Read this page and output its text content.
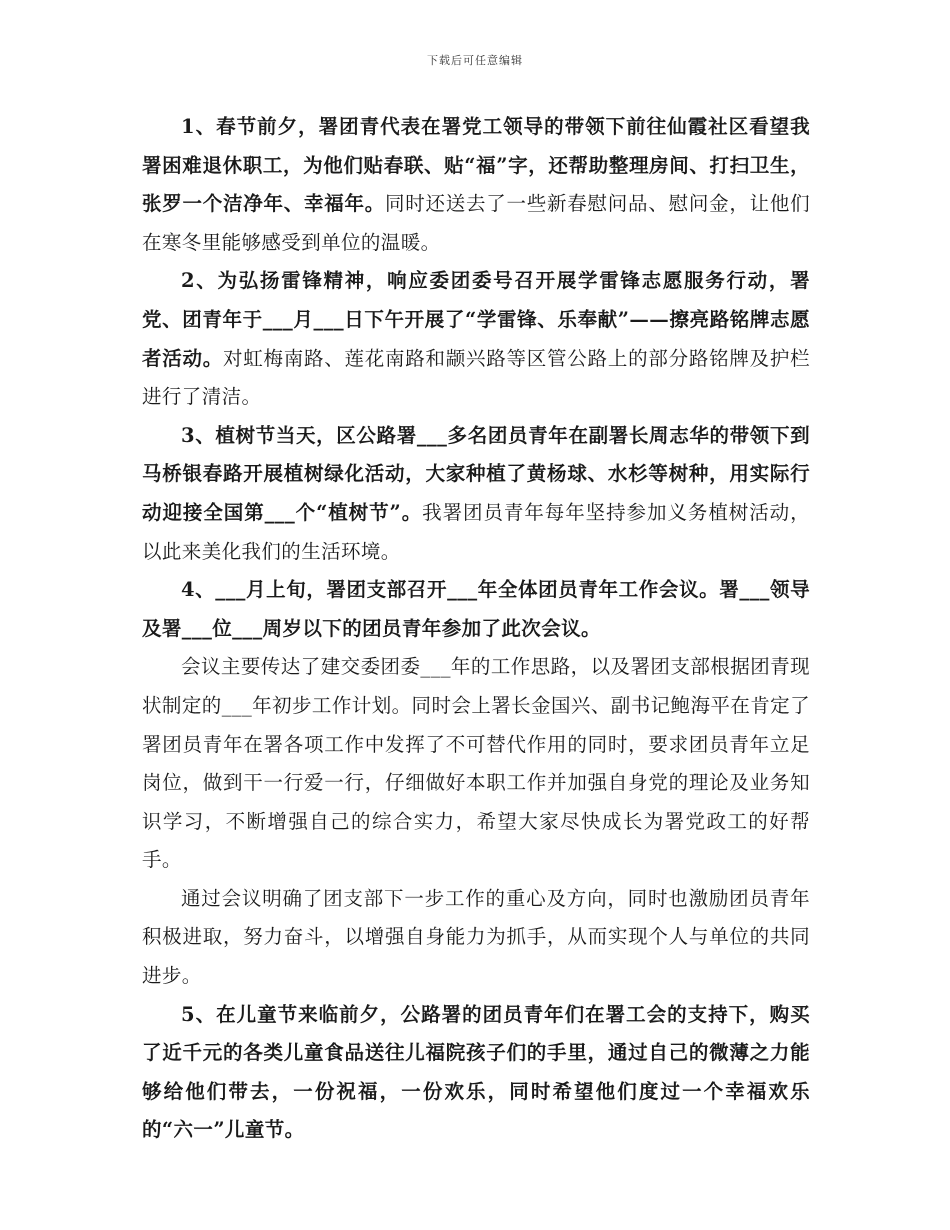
下载后可任意编辑

1、春节前夕，署团青代表在署党工领导的带领下前往仙霞社区看望我署困难退休职工，为他们贴春联、贴“福”字，还帮助整理房间、打扫卫生，张罗一个洁净年、幸福年。同时还送去了一些新春慰问品、慰问金，让他们在寒冬里能够感受到单位的温暖。

2、为弘扬雷锋精神，响应委团委号召开展学雷锋志愿服务行动，署党、团青年于___月___日下午开展了“学雷锋、乐奉献”——擦亮路铭牌志愿者活动。对虹梅南路、莲花南路和颛兴路等区管公路上的部分路铭牌及护栏进行了清洁。

3、植树节当天，区公路署___多名团员青年在副署长周志华的带领下到马桥银春路开展植树绿化活动，大家种植了黄杨球、水杉等树种，用实际行动迎接全国第___个“植树节”。我署团员青年每年坚持参加义务植树活动，以此来美化我们的生活环境。

4、___月上旬，署团支部召开___年全体团员青年工作会议。署___领导及署___位___周岁以下的团员青年参加了此次会议。

会议主要传达了建交委团委___年的工作思路，以及署团支部根据团青现状制定的___年初步工作计划。同时会上署长金国兴、副书记鲍海平在肯定了署团员青年在署各项工作中发挥了不可替代作用的同时，要求团员青年立足岗位，做到干一行爱一行，仔细做好本职工作并加强自身党的理论及业务知识学习，不断增强自己的综合实力，希望大家尽快成长为署党政工的好帮手。

通过会议明确了团支部下一步工作的重心及方向，同时也激励团员青年积极进取，努力奋斗，以增强自身能力为抓手，从而实现个人与单位的共同进步。

5、在儿童节来临前夕，公路署的团员青年们在署工会的支持下，购买了近千元的各类儿童食品送往儿福院孩子们的手里，通过自己的微薄之力能够给他们带去，一份祝福，一份欢乐，同时希望他们度过一个幸福欢乐的“六一”儿童节。
